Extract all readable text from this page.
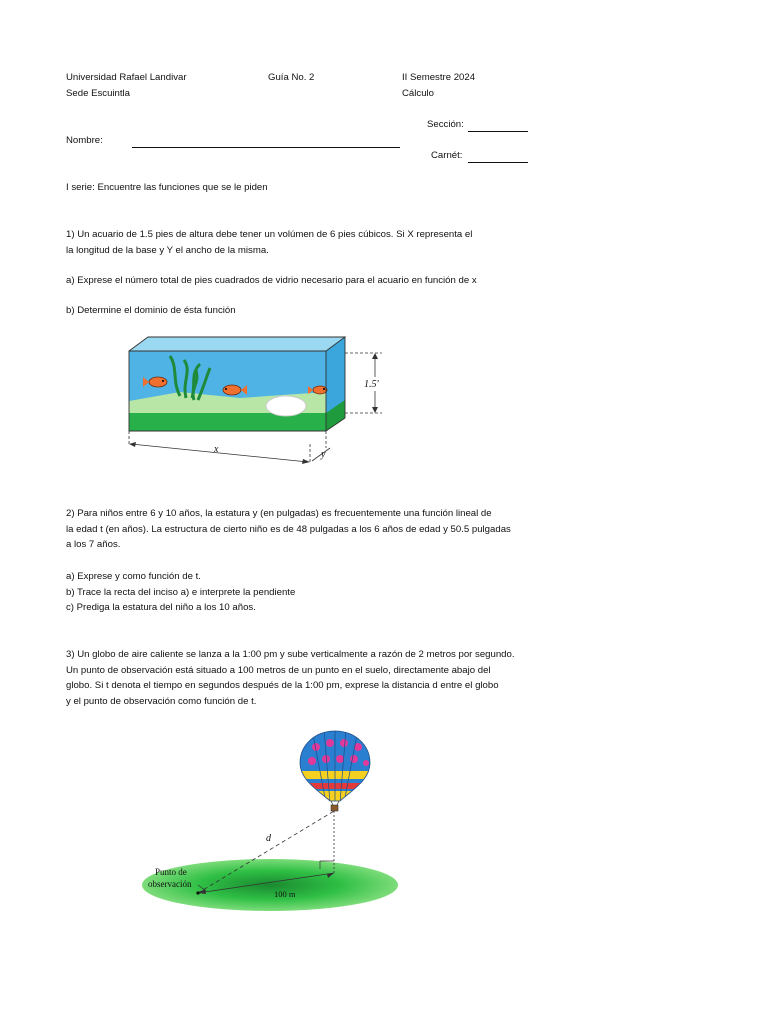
Universidad Rafael Landivar
Sede Escuintla
Guía No. 2	II Semestre 2024
Cálculo
Sección:
Nombre:
Carnét:
I serie: Encuentre las funciones que se le piden
1) Un acuario de 1.5 pies de altura debe tener un volúmen de 6 pies cúbicos. Si X representa el
la longitud de la base y Y el ancho de la misma.
a) Exprese el número total de pies cuadrados de vidrio necesario para el acuario en función de x
b) Determine el dominio de ésta función
1.5'
x	y
2) Para niños entre 6 y 10 años, la estatura y (en pulgadas) es frecuentemente una función lineal de
la edad t (en años). La estructura de cierto niño es de 48 pulgadas a los 6 años de edad y 50.5 pulgadas
a los 7 años.
a) Exprese y como función de t.
b) Trace la recta del inciso a) e interprete la pendiente
c) Prediga la estatura del niño a los 10 años.
3) Un globo de aire caliente se lanza a la 1:00 pm y sube verticalmente a razón de 2 metros por segundo.
Un punto de observación está situado a 100 metros de un punto en el suelo, directamente abajo del
globo. Si t denota el tiempo en segundos después de la 1:00 pm, exprese la distancia d entre el globo
y el punto de observación como función de t.
d
100 m
Punto de
observación
